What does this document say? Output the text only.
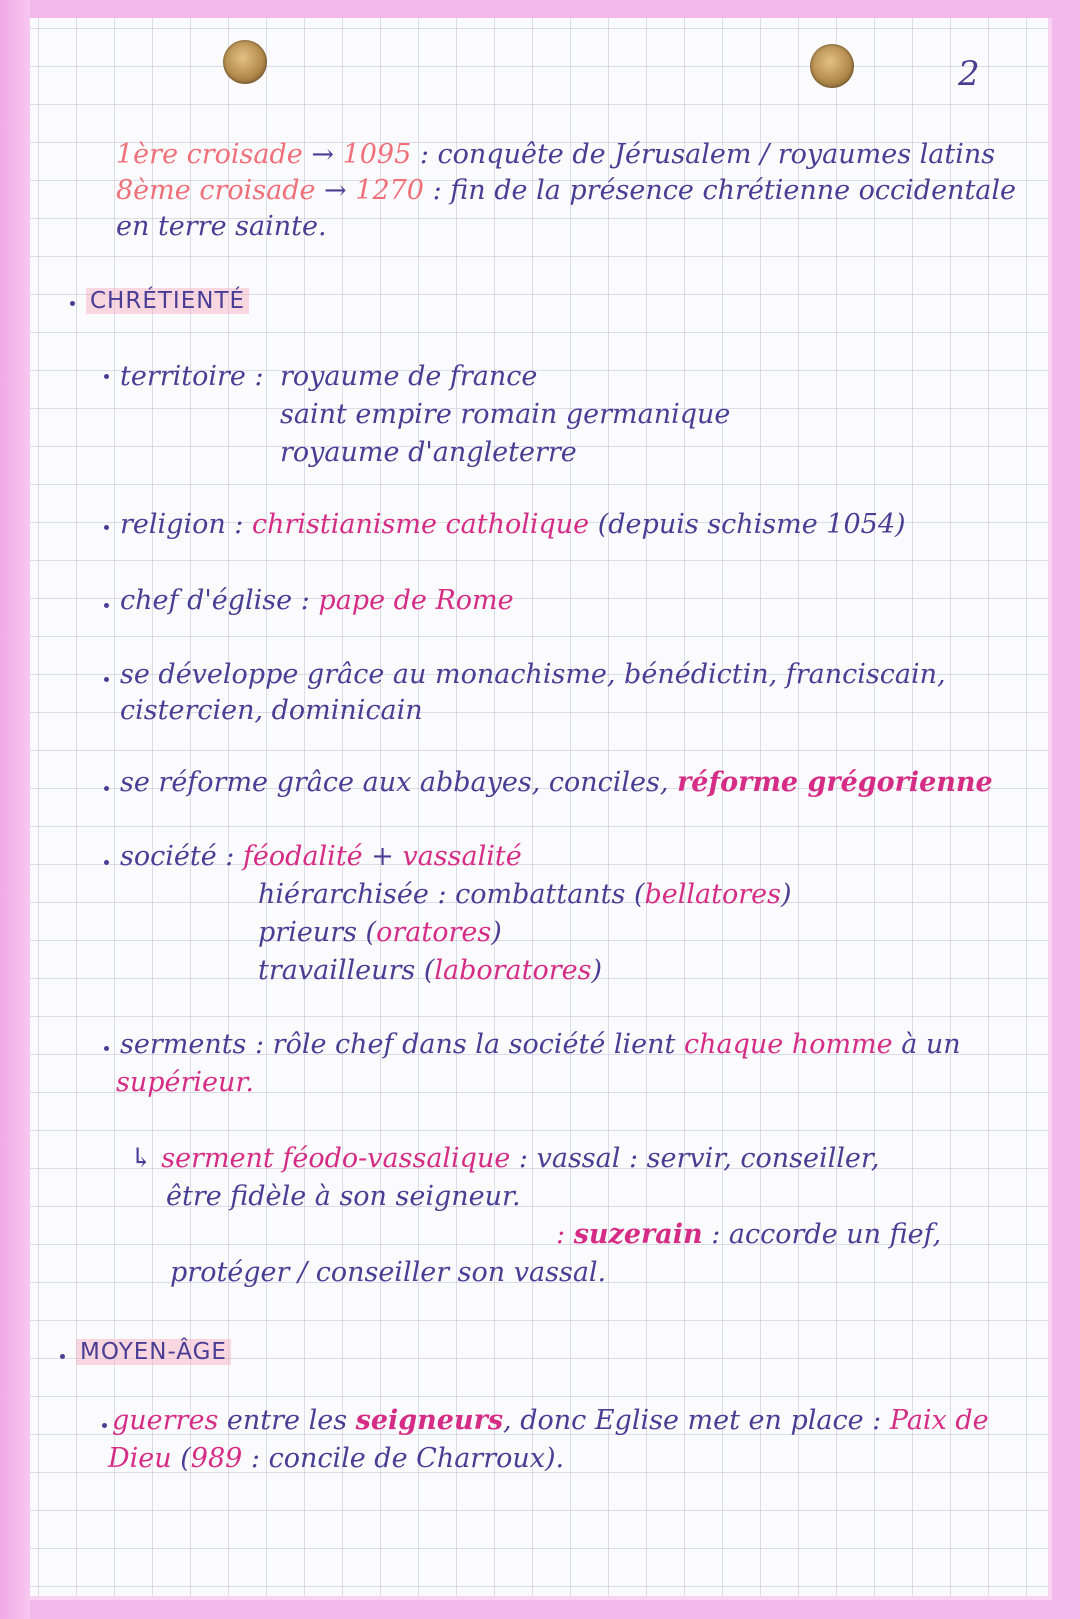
2
1ère croisade → 1095 : conquête de Jérusalem / royaumes latins
8ème croisade → 1270 : fin de la présence chrétienne occidentale
en terre sainte.
CHRÉTIENTÉ
territoire : royaume de france
saint empire romain germanique
royaume d'angleterre
religion : christianisme catholique (depuis schisme 1054)
chef d'église : pape de Rome
se développe grâce au monachisme, bénédictin, franciscain,
cistercien, dominicain
se réforme grâce aux abbayes, conciles, réforme grégorienne
société : féodalité + vassalité
hiérarchisée : combattants (bellatores)
prieurs (oratores)
travailleurs (laboratores)
serments : rôle chef dans la société lient chaque homme à un
supérieur.
↳ serment féodo-vassalique : vassal : servir, conseiller,
être fidèle à son seigneur.
: suzerain : accorde un fief,
protéger / conseiller son vassal.
MOYEN-ÂGE
guerres entre les seigneurs, donc Eglise met en place : Paix de
Dieu (989 : concile de Charroux).
